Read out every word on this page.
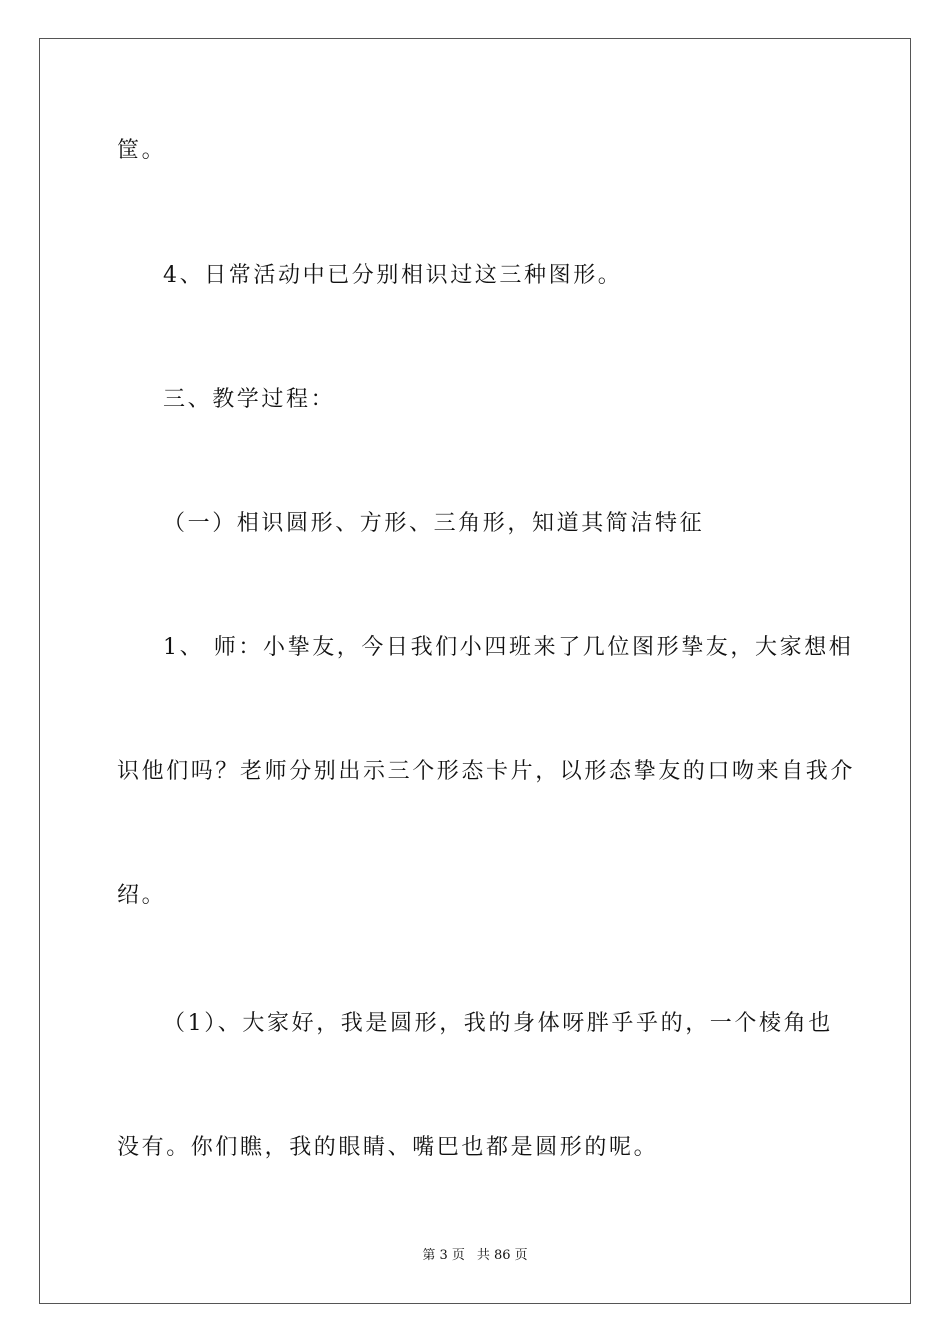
筐。
4、日常活动中已分别相识过这三种图形。
三、教学过程：
（一）相识圆形、方形、三角形，知道其简洁特征
1、 师：小挚友，今日我们小四班来了几位图形挚友，大家想相
识他们吗？老师分别出示三个形态卡片，以形态挚友的口吻来自我介
绍。
（1）、大家好，我是圆形，我的身体呀胖乎乎的，一个棱角也
没有。你们瞧，我的眼睛、嘴巴也都是圆形的呢。
第 3 页 共 86 页
